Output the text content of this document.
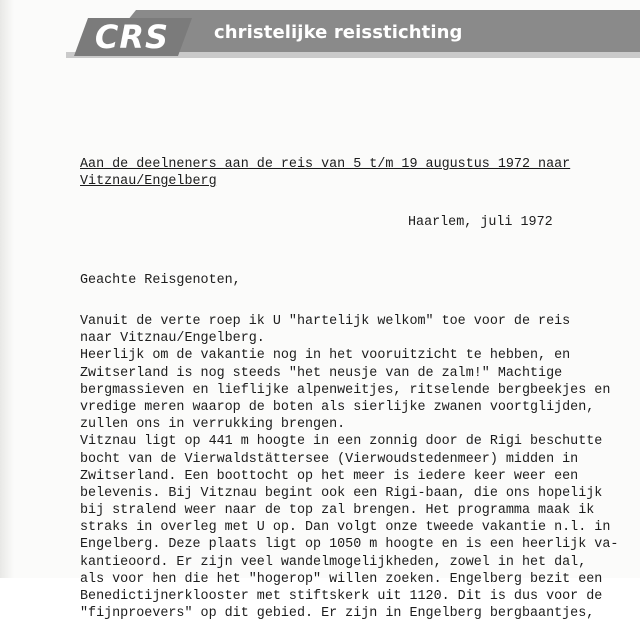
CRS christelijke reisstichting
Aan de deelneners aan de reis van 5 t/m 19 augustus 1972 naar
Vitznau/Engelberg
Haarlem, juli 1972
Geachte Reisgenoten,
Vanuit de verte roep ik U "hartelijk welkom" toe voor de reis
naar Vitznau/Engelberg.
Heerlijk om de vakantie nog in het vooruitzicht te hebben, en
Zwitserland is nog steeds "het neusje van de zalm!" Machtige
bergmassieven en lieflijke alpenweitjes, ritselende bergbeekjes en
vredige meren waarop de boten als sierlijke zwanen voortglijden,
zullen ons in verrukking brengen.
Vitznau ligt op 441 m hoogte in een zonnig door de Rigi beschutte
bocht van de Vierwaldstättersee (Vierwoudstedenmeer) midden in
Zwitserland. Een boottocht op het meer is iedere keer weer een
belevenis. Bij Vitznau begint ook een Rigi-baan, die ons hopelijk
bij stralend weer naar de top zal brengen. Het programma maak ik
straks in overleg met U op. Dan volgt onze tweede vakantie n.l. in
Engelberg. Deze plaats ligt op 1050 m hoogte en is een heerlijk va-
kantieoord. Er zijn veel wandelmogelijkheden, zowel in het dal,
als voor hen die het "hogerop" willen zoeken. Engelberg bezit een
Benedictijnerklooster met stiftskerk uit 1120. Dit is dus voor de
"fijnproevers" op dit gebied. Er zijn in Engelberg bergbaantjes,
